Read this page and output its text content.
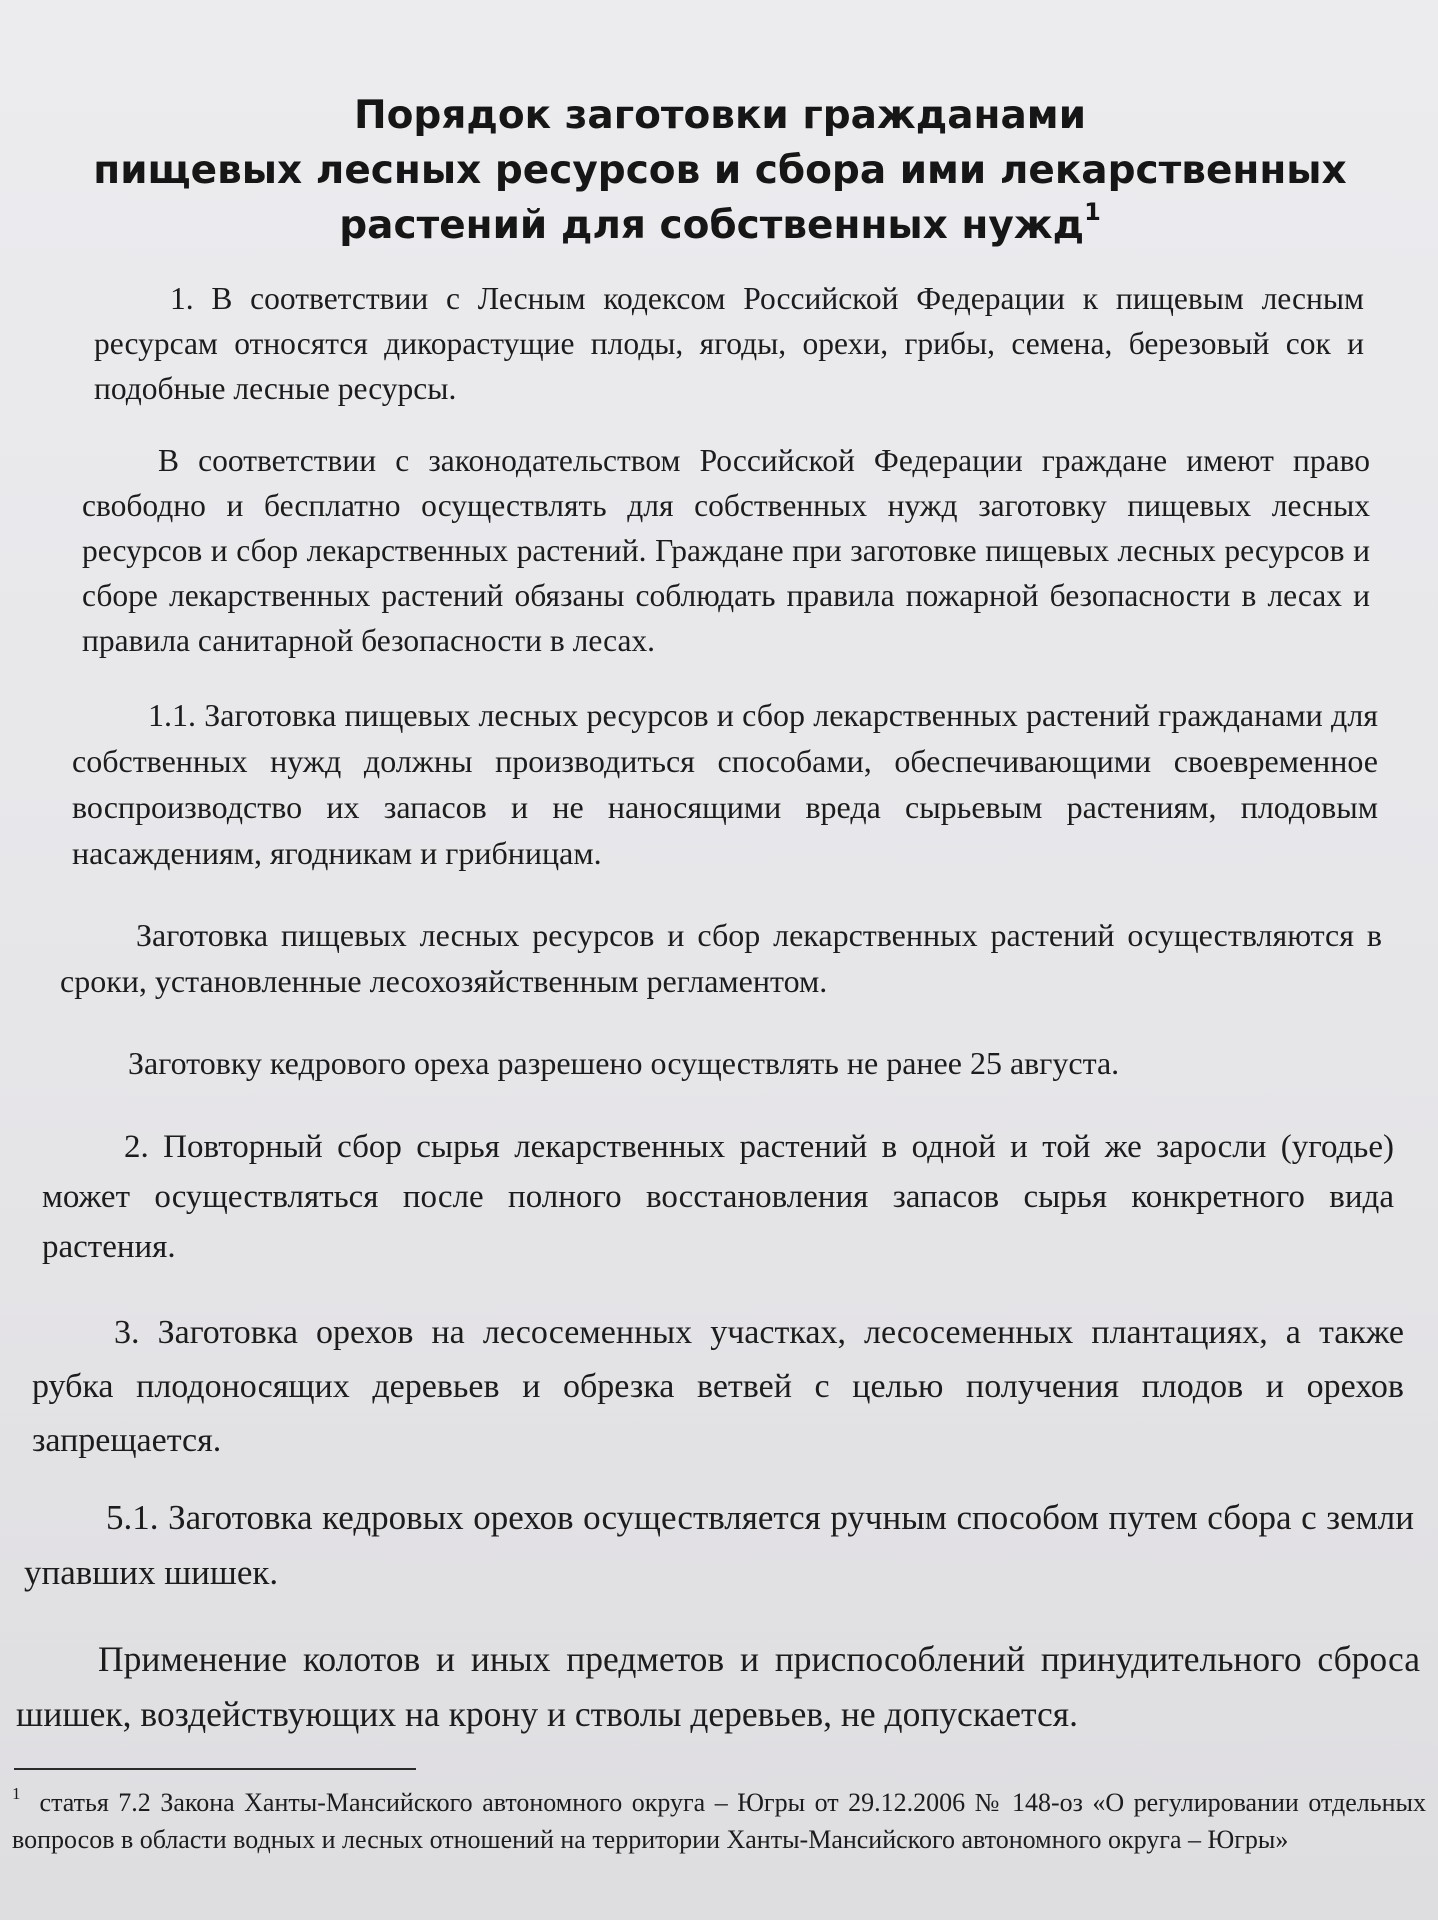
Порядок заготовки гражданами
пищевых лесных ресурсов и сбора ими лекарственных
растений для собственных нужд$^1$
1. В соответствии с Лесным кодексом Российской Федерации к пищевым лесным ресурсам относятся дикорастущие плоды, ягоды, орехи, грибы, семена, березовый сок и подобные лесные ресурсы.
В соответствии с законодательством Российской Федерации граждане имеют право свободно и бесплатно осуществлять для собственных нужд заготовку пищевых лесных ресурсов и сбор лекарственных растений. Граждане при заготовке пищевых лесных ресурсов и сборе лекарственных растений обязаны соблюдать правила пожарной безопасности в лесах и правила санитарной безопасности в лесах.
1.1. Заготовка пищевых лесных ресурсов и сбор лекарственных растений гражданами для собственных нужд должны производиться способами, обеспечивающими своевременное воспроизводство их запасов и не наносящими вреда сырьевым растениям, плодовым насаждениям, ягодникам и грибницам.
Заготовка пищевых лесных ресурсов и сбор лекарственных растений осуществляются в сроки, установленные лесохозяйственным регламентом.
Заготовку кедрового ореха разрешено осуществлять не ранее 25 августа.
2. Повторный сбор сырья лекарственных растений в одной и той же заросли (угодье) может осуществляться после полного восстановления запасов сырья конкретного вида растения.
3. Заготовка орехов на лесосеменных участках, лесосеменных плантациях, а также рубка плодоносящих деревьев и обрезка ветвей с целью получения плодов и орехов запрещается.
5.1. Заготовка кедровых орехов осуществляется ручным способом путем сбора с земли упавших шишек.
Применение колотов и иных предметов и приспособлений принудительного сброса шишек, воздействующих на крону и стволы деревьев, не допускается.
$^1$ статья 7.2 Закона Ханты-Мансийского автономного округа – Югры от 29.12.2006 № 148-оз «О регулировании отдельных вопросов в области водных и лесных отношений на территории Ханты-Мансийского автономного округа – Югры»
